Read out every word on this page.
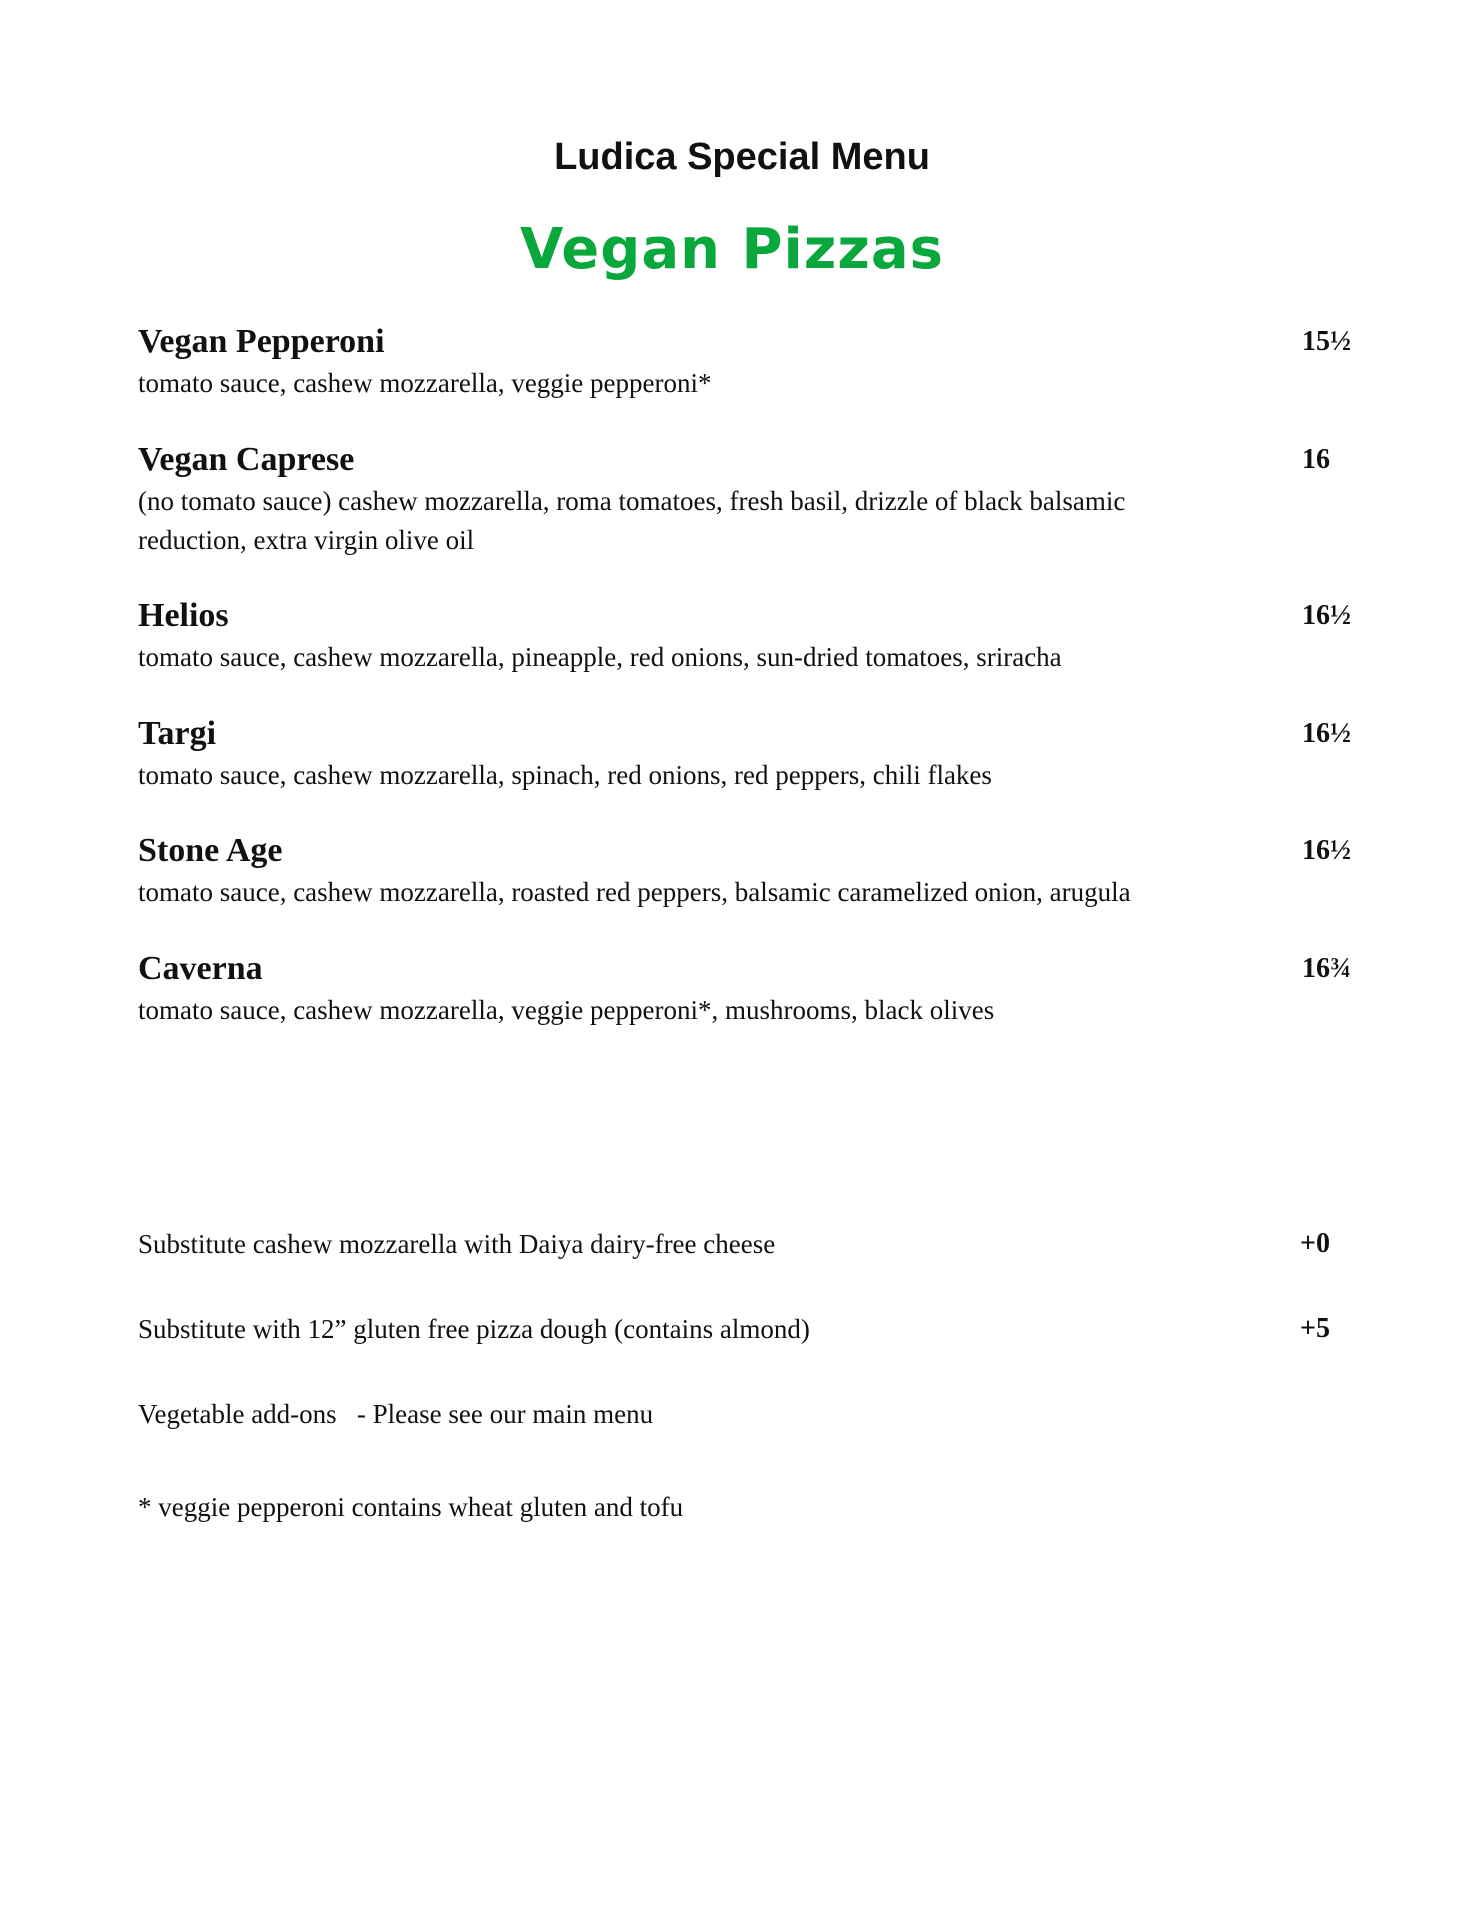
Ludica Special Menu
Vegan Pizzas
Vegan Pepperoni
tomato sauce, cashew mozzarella, veggie pepperoni*
15½
Vegan Caprese
(no tomato sauce) cashew mozzarella, roma tomatoes, fresh basil, drizzle of black balsamic reduction, extra virgin olive oil
16
Helios
tomato sauce, cashew mozzarella, pineapple, red onions, sun-dried tomatoes, sriracha
16½
Targi
tomato sauce, cashew mozzarella, spinach, red onions, red peppers, chili flakes
16½
Stone Age
tomato sauce, cashew mozzarella, roasted red peppers, balsamic caramelized onion, arugula
16½
Caverna
tomato sauce, cashew mozzarella, veggie pepperoni*, mushrooms, black olives
16¾
Substitute cashew mozzarella with Daiya dairy-free cheese	+0
Substitute with 12” gluten free pizza dough (contains almond)	+5
Vegetable add-ons   - Please see our main menu
* veggie pepperoni contains wheat gluten and tofu
